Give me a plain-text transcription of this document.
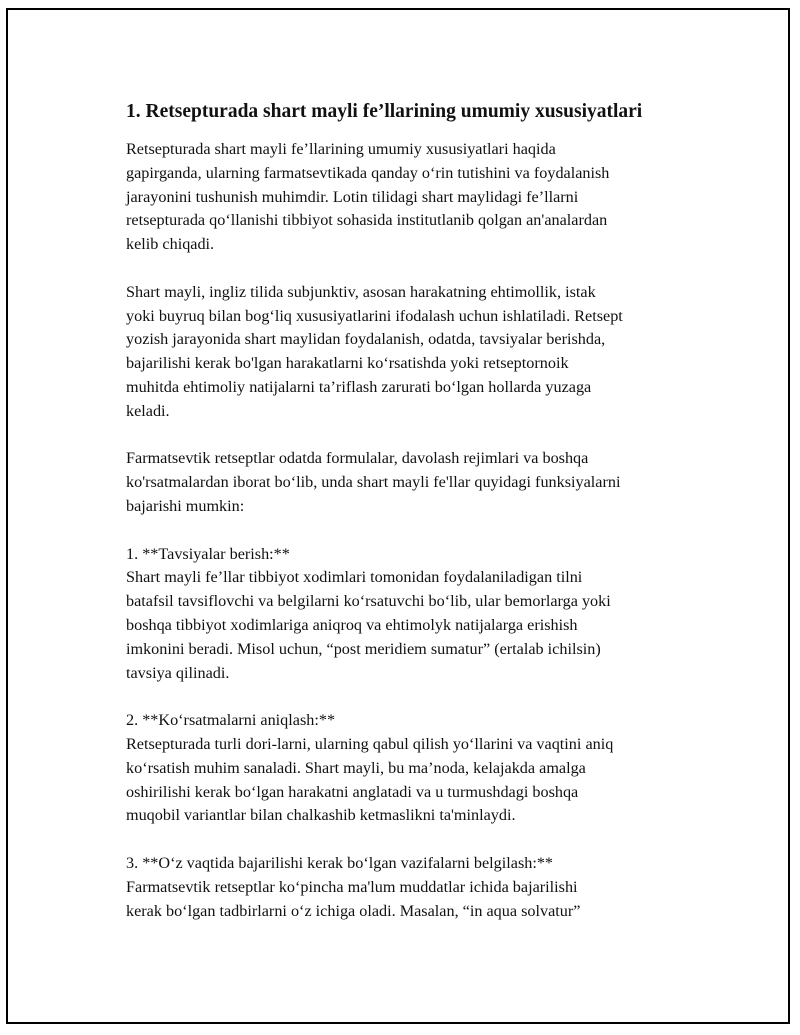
1. Retsepturada shart mayli fe’llarining umumiy xususiyatlari

Retsepturada shart mayli fe’llarining umumiy xususiyatlari haqida
gapirganda, ularning farmatsevtikada qanday o‘rin tutishini va foydalanish
jarayonini tushunish muhimdir. Lotin tilidagi shart maylidagi fe’llarni
retsepturada qo‘llanishi tibbiyot sohasida institutlanib qolgan an'analardan
kelib chiqadi.

Shart mayli, ingliz tilida subjunktiv, asosan harakatning ehtimollik, istak
yoki buyruq bilan bog‘liq xususiyatlarini ifodalash uchun ishlatiladi. Retsept
yozish jarayonida shart maylidan foydalanish, odatda, tavsiyalar berishda,
bajarilishi kerak bo'lgan harakatlarni ko‘rsatishda yoki retseptornoik
muhitda ehtimoliy natijalarni ta’riflash zarurati bo‘lgan hollarda yuzaga
keladi.

Farmatsevtik retseptlar odatda formulalar, davolash rejimlari va boshqa
ko'rsatmalardan iborat bo‘lib, unda shart mayli fe'llar quyidagi funksiyalarni
bajarishi mumkin:

1. **Tavsiyalar berish:**
Shart mayli fe’llar tibbiyot xodimlari tomonidan foydalaniladigan tilni
batafsil tavsiflovchi va belgilarni ko‘rsatuvchi bo‘lib, ular bemorlarga yoki
boshqa tibbiyot xodimlariga aniqroq va ehtimolyk natijalarga erishish
imkonini beradi. Misol uchun, “post meridiem sumatur” (ertalab ichilsin)
tavsiya qilinadi.

2. **Ko‘rsatmalarni aniqlash:**
Retsepturada turli dori-larni, ularning qabul qilish yo‘llarini va vaqtini aniq
ko‘rsatish muhim sanaladi. Shart mayli, bu ma’noda, kelajakda amalga
oshirilishi kerak bo‘lgan harakatni anglatadi va u turmushdagi boshqa
muqobil variantlar bilan chalkashib ketmaslikni ta'minlaydi.

3. **O‘z vaqtida bajarilishi kerak bo‘lgan vazifalarni belgilash:**
Farmatsevtik retseptlar ko‘pincha ma'lum muddatlar ichida bajarilishi
kerak bo‘lgan tadbirlarni o‘z ichiga oladi. Masalan, “in aqua solvatur”
